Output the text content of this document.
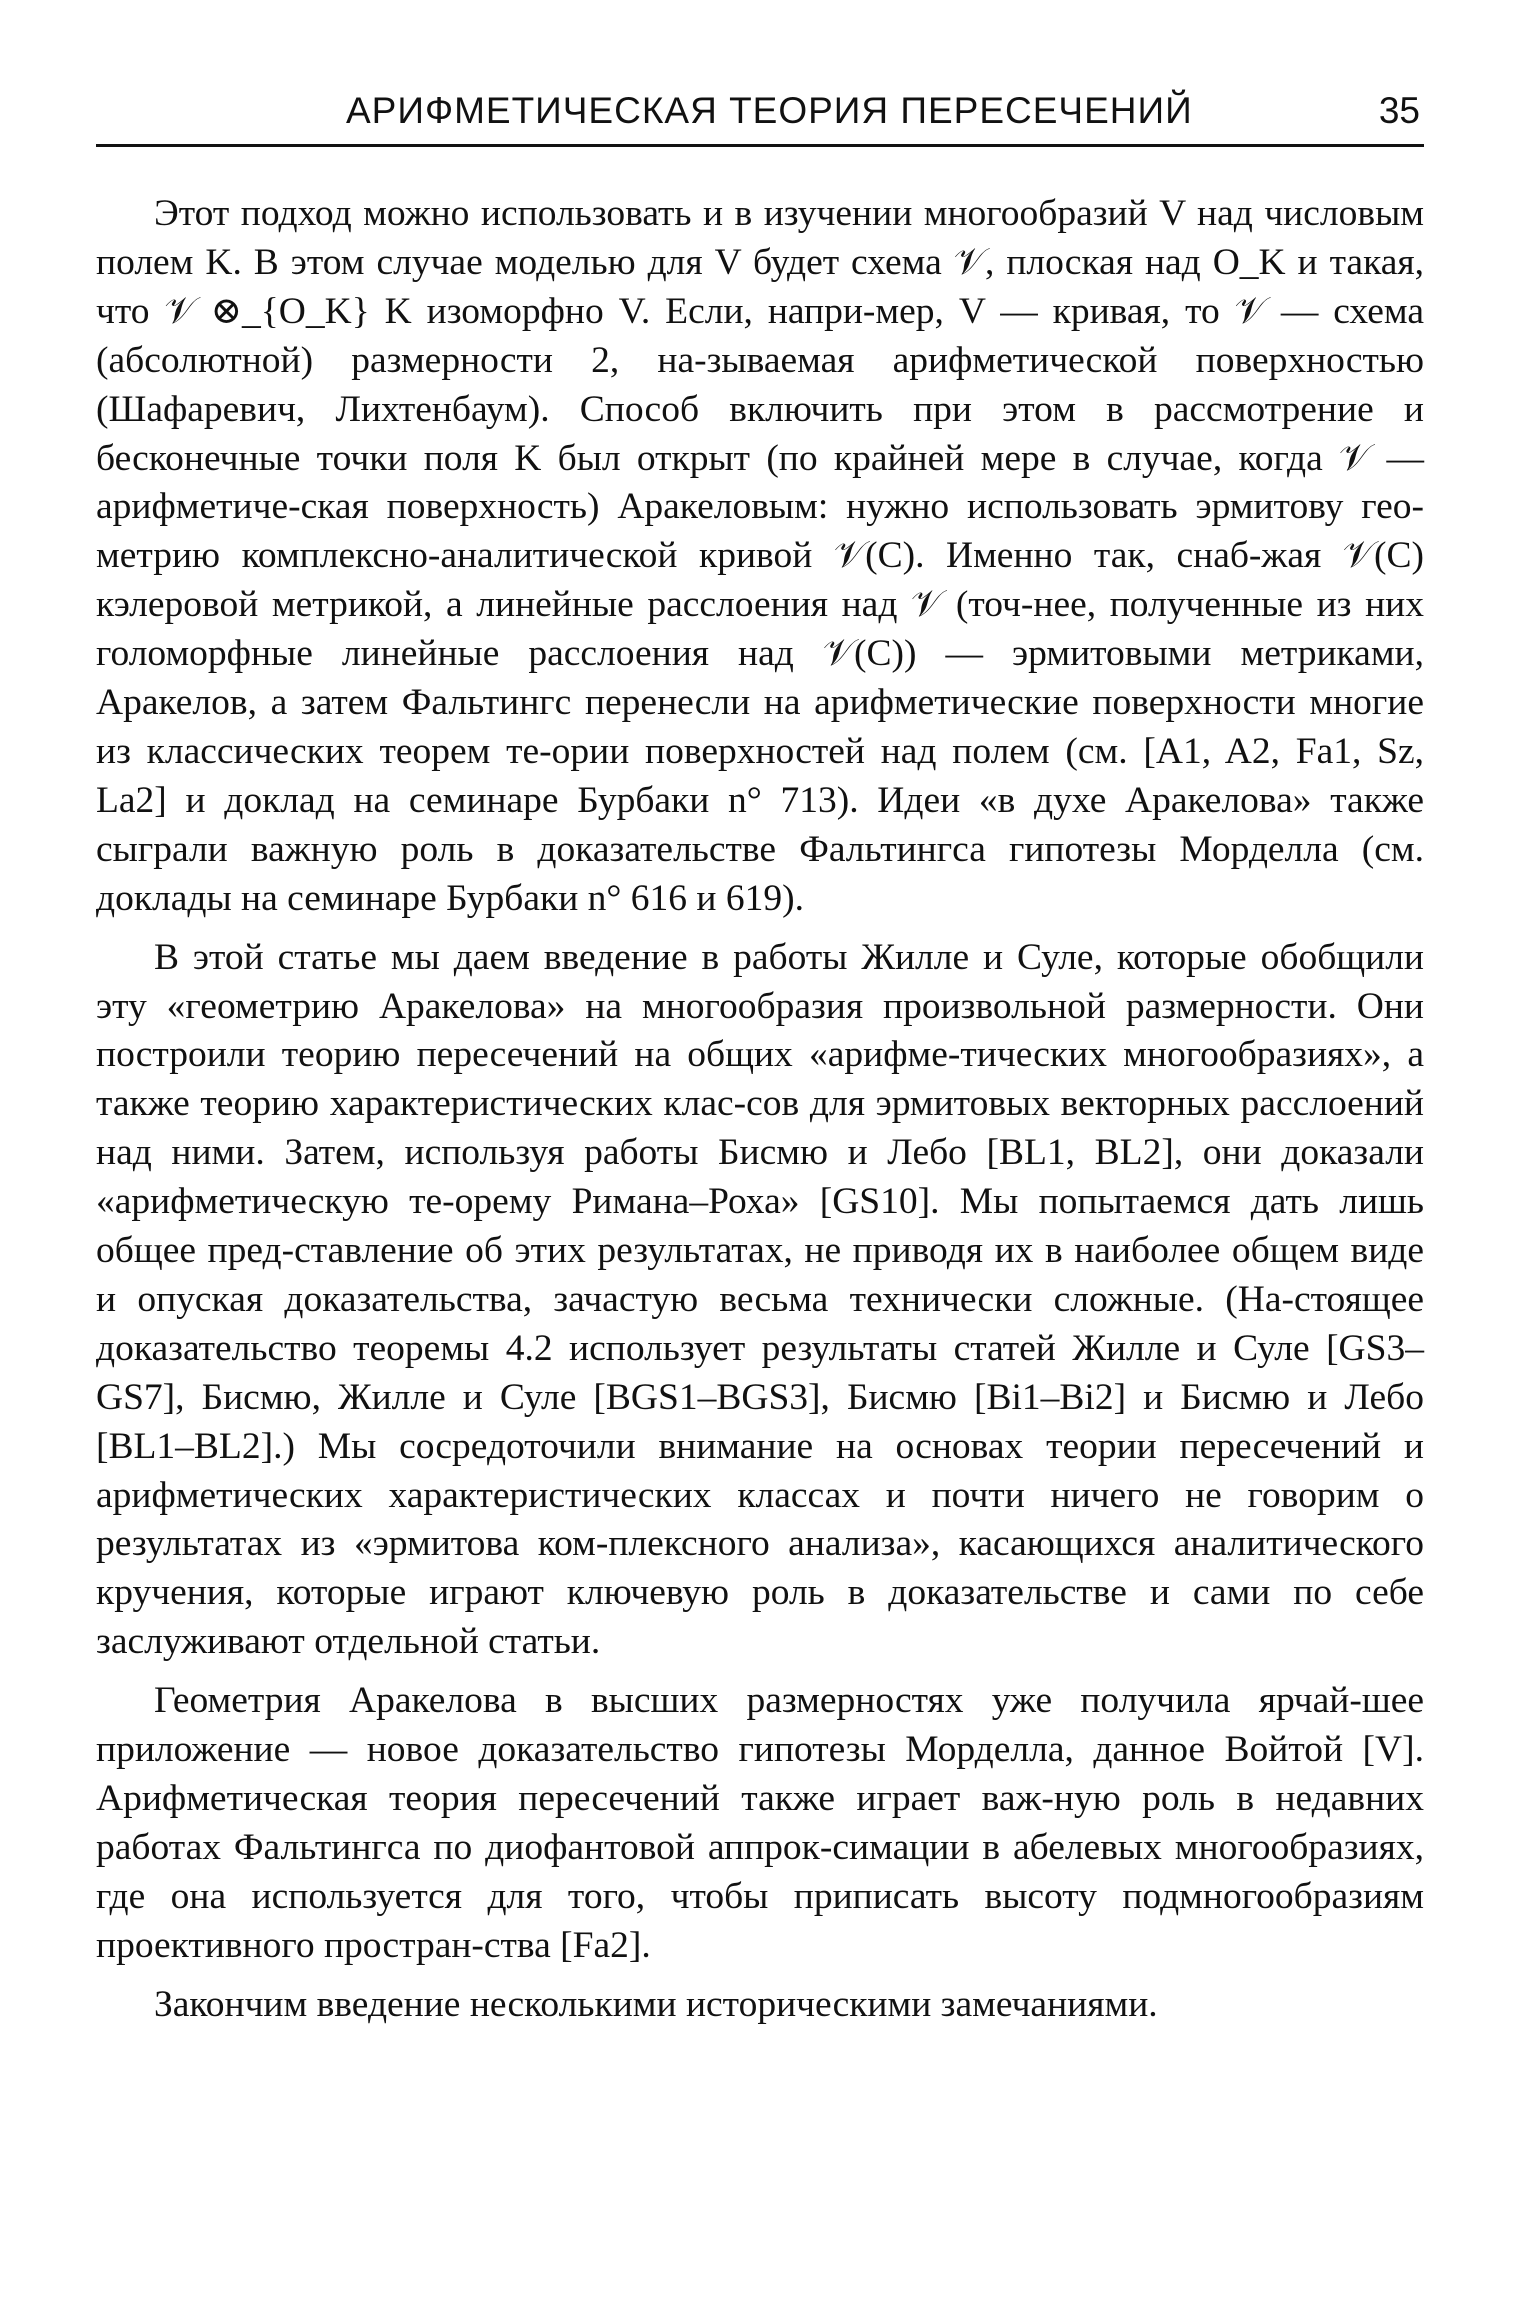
АРИФМЕТИЧЕСКАЯ ТЕОРИЯ ПЕРЕСЕЧЕНИЙ	35

Этот подход можно использовать и в изучении многообразий V над числовым полем K. В этом случае моделью для V будет схема 𝒱, плоская над O_K и такая, что 𝒱 ⊗_{O_K} K изоморфно V. Если, напри-мер, V — кривая, то 𝒱 — схема (абсолютной) размерности 2, на-зываемая арифметической поверхностью (Шафаревич, Лихтенбаум). Способ включить при этом в рассмотрение и бесконечные точки поля K был открыт (по крайней мере в случае, когда 𝒱 — арифметиче-ская поверхность) Аракеловым: нужно использовать эрмитову гео-метрию комплексно-аналитической кривой 𝒱(C). Именно так, снаб-жая 𝒱(C) кэлеровой метрикой, а линейные расслоения над 𝒱 (точ-нее, полученные из них голоморфные линейные расслоения над 𝒱(C)) — эрмитовыми метриками, Аракелов, а затем Фальтингс перенесли на арифметические поверхности многие из классических теорем те-ории поверхностей над полем (см. [A1, A2, Fa1, Sz, La2] и доклад на семинаре Бурбаки n° 713). Идеи «в духе Аракелова» также сыграли важную роль в доказательстве Фальтингса гипотезы Морделла (см. доклады на семинаре Бурбаки n° 616 и 619).

В этой статье мы даем введение в работы Жилле и Суле, которые обобщили эту «геометрию Аракелова» на многообразия произвольной размерности. Они построили теорию пересечений на общих «арифме-тических многообразиях», а также теорию характеристических клас-сов для эрмитовых векторных расслоений над ними. Затем, используя работы Бисмю и Лебо [BL1, BL2], они доказали «арифметическую те-орему Римана–Роха» [GS10]. Мы попытаемся дать лишь общее пред-ставление об этих результатах, не приводя их в наиболее общем виде и опуская доказательства, зачастую весьма технически сложные. (На-стоящее доказательство теоремы 4.2 использует результаты статей Жилле и Суле [GS3–GS7], Бисмю, Жилле и Суле [BGS1–BGS3], Бисмю [Bi1–Bi2] и Бисмю и Лебо [BL1–BL2].) Мы сосредоточили внимание на основах теории пересечений и арифметических характеристических классах и почти ничего не говорим о результатах из «эрмитова ком-плексного анализа», касающихся аналитического кручения, которые играют ключевую роль в доказательстве и сами по себе заслуживают отдельной статьи.

Геометрия Аракелова в высших размерностях уже получила ярчай-шее приложение — новое доказательство гипотезы Морделла, данное Войтой [V]. Арифметическая теория пересечений также играет важ-ную роль в недавних работах Фальтингса по диофантовой аппрок-симации в абелевых многообразиях, где она используется для того, чтобы приписать высоту подмногообразиям проективного простран-ства [Fa2].

Закончим введение несколькими историческими замечаниями.
